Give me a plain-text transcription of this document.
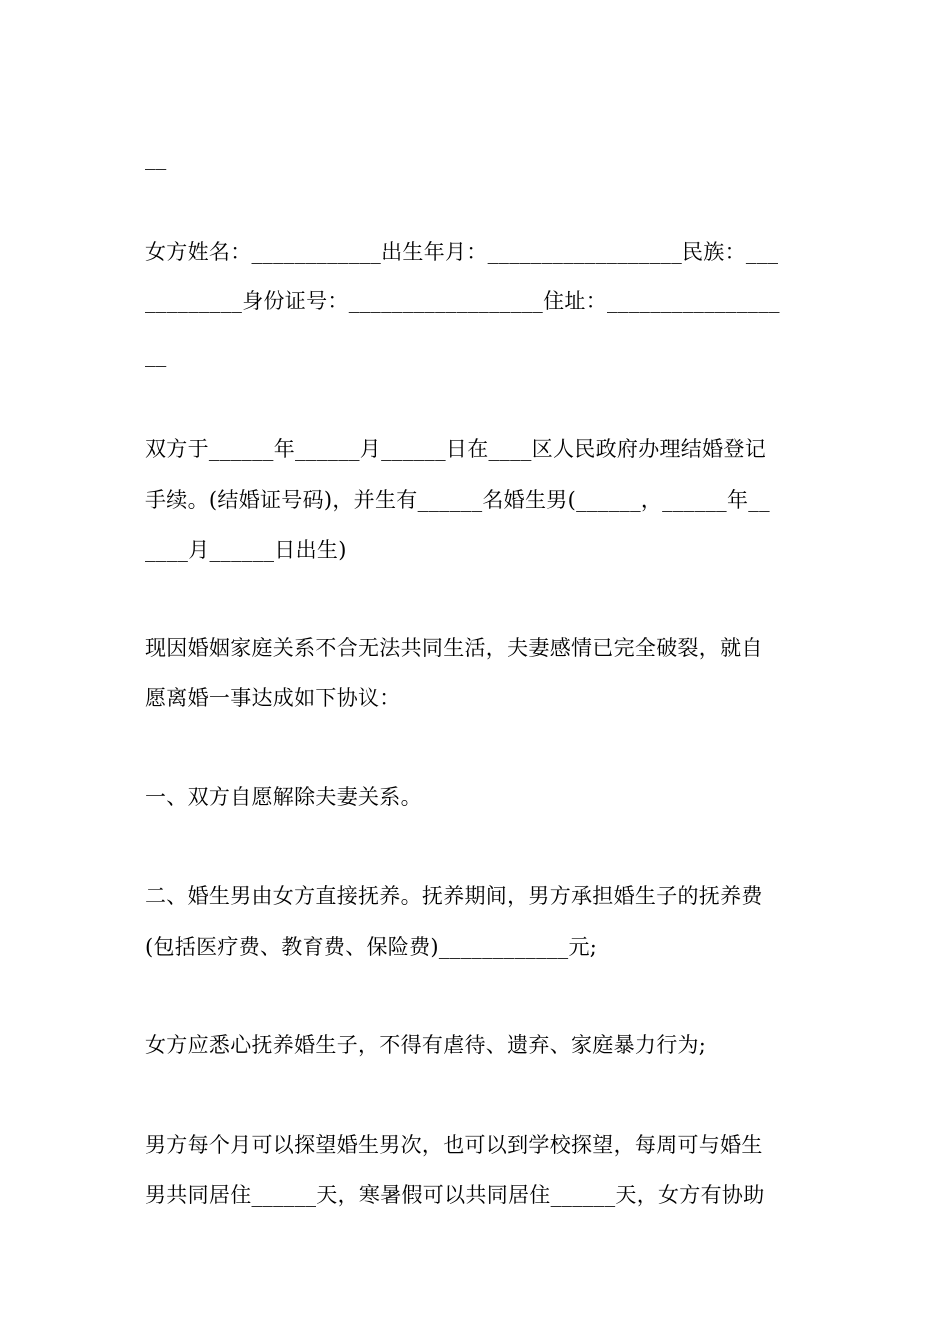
__
女方姓名：____________出生年月：__________________民族：___
_________身份证号：__________________住址：________________
__
双方于______年______月______日在____区人民政府办理结婚登记
手续。(结婚证号码)，并生有______名婚生男(______，______年__
____月______日出生)
现因婚姻家庭关系不合无法共同生活，夫妻感情已完全破裂，就自
愿离婚一事达成如下协议：
一、双方自愿解除夫妻关系。
二、婚生男由女方直接抚养。抚养期间，男方承担婚生子的抚养费
(包括医疗费、教育费、保险费)____________元;
女方应悉心抚养婚生子，不得有虐待、遗弃、家庭暴力行为;
男方每个月可以探望婚生男次，也可以到学校探望，每周可与婚生
男共同居住______天，寒暑假可以共同居住______天，女方有协助
